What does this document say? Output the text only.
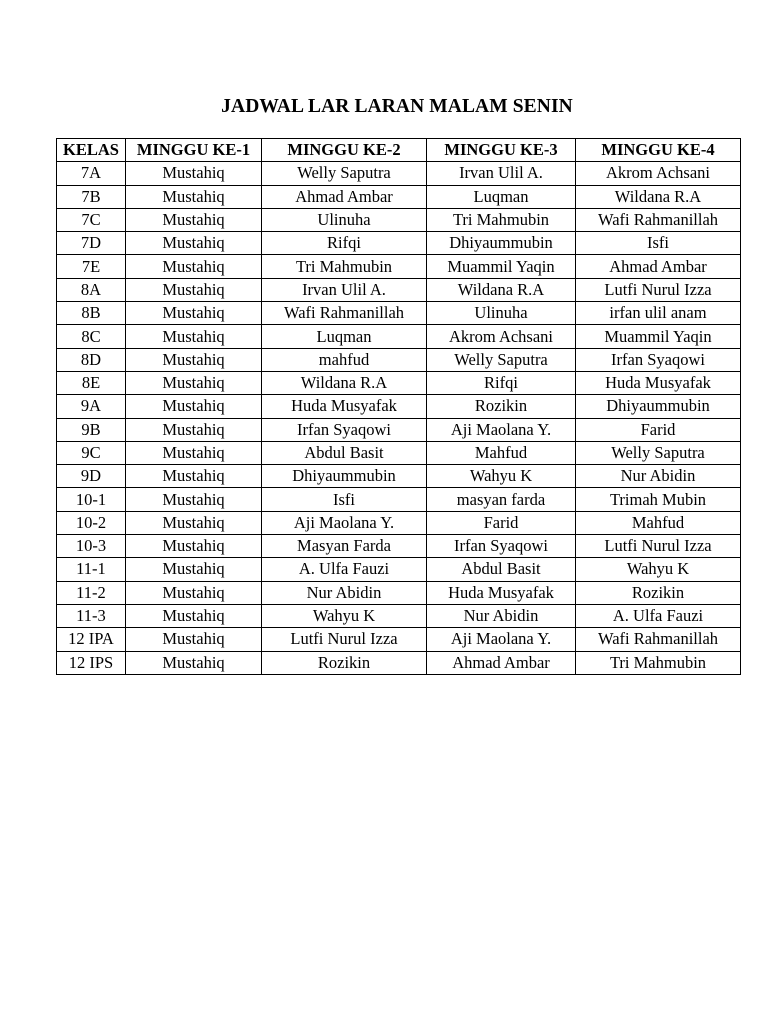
JADWAL LAR LARAN MALAM SENIN
KELAS	MINGGU KE-1	MINGGU KE-2	MINGGU KE-3	MINGGU KE-4
7A	Mustahiq	Welly Saputra	Irvan Ulil A.	Akrom Achsani
7B	Mustahiq	Ahmad Ambar	Luqman	Wildana R.A
7C	Mustahiq	Ulinuha	Tri Mahmubin	Wafi Rahmanillah
7D	Mustahiq	Rifqi	Dhiyaummubin	Isfi
7E	Mustahiq	Tri Mahmubin	Muammil Yaqin	Ahmad Ambar
8A	Mustahiq	Irvan Ulil A.	Wildana R.A	Lutfi Nurul Izza
8B	Mustahiq	Wafi Rahmanillah	Ulinuha	irfan ulil anam
8C	Mustahiq	Luqman	Akrom Achsani	Muammil Yaqin
8D	Mustahiq	mahfud	Welly Saputra	Irfan Syaqowi
8E	Mustahiq	Wildana R.A	Rifqi	Huda Musyafak
9A	Mustahiq	Huda Musyafak	Rozikin	Dhiyaummubin
9B	Mustahiq	Irfan Syaqowi	Aji Maolana Y.	Farid
9C	Mustahiq	Abdul Basit	Mahfud	Welly Saputra
9D	Mustahiq	Dhiyaummubin	Wahyu K	Nur Abidin
10-1	Mustahiq	Isfi	masyan farda	Trimah Mubin
10-2	Mustahiq	Aji Maolana Y.	Farid	Mahfud
10-3	Mustahiq	Masyan Farda	Irfan Syaqowi	Lutfi Nurul Izza
11-1	Mustahiq	A. Ulfa Fauzi	Abdul Basit	Wahyu K
11-2	Mustahiq	Nur Abidin	Huda Musyafak	Rozikin
11-3	Mustahiq	Wahyu K	Nur Abidin	A. Ulfa Fauzi
12 IPA	Mustahiq	Lutfi Nurul Izza	Aji Maolana Y.	Wafi Rahmanillah
12 IPS	Mustahiq	Rozikin	Ahmad Ambar	Tri Mahmubin
